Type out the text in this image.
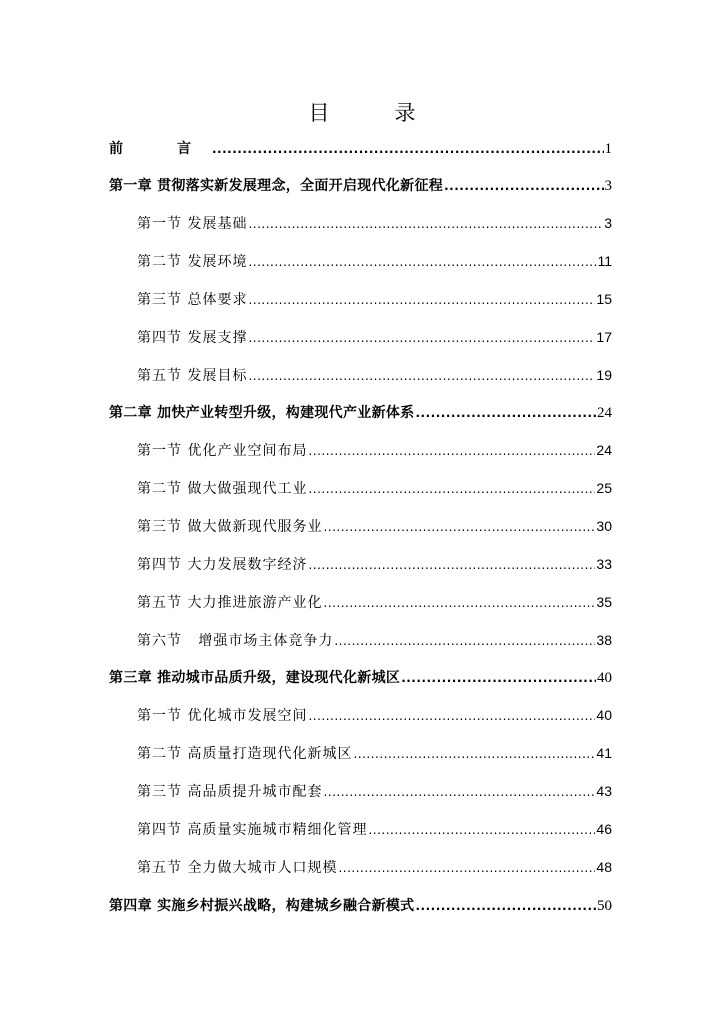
目　录
前　言 .....	1
第一章 贯彻落实新发展理念，全面开启现代化新征程 .....	3
第一节 发展基础 .....	3
第二节 发展环境 .....	11
第三节 总体要求 .....	15
第四节 发展支撑 .....	17
第五节 发展目标 .....	19
第二章 加快产业转型升级，构建现代产业新体系 .....	24
第一节 优化产业空间布局 .....	24
第二节 做大做强现代工业 .....	25
第三节 做大做新现代服务业 .....	30
第四节 大力发展数字经济 .....	33
第五节 大力推进旅游产业化 .....	35
第六节   增强市场主体竞争力 .....	38
第三章 推动城市品质升级，建设现代化新城区 .....	40
第一节 优化城市发展空间 .....	40
第二节 高质量打造现代化新城区 .....	41
第三节 高品质提升城市配套 .....	43
第四节 高质量实施城市精细化管理 .....	46
第五节 全力做大城市人口规模 .....	48
第四章 实施乡村振兴战略，构建城乡融合新模式 .....	50
